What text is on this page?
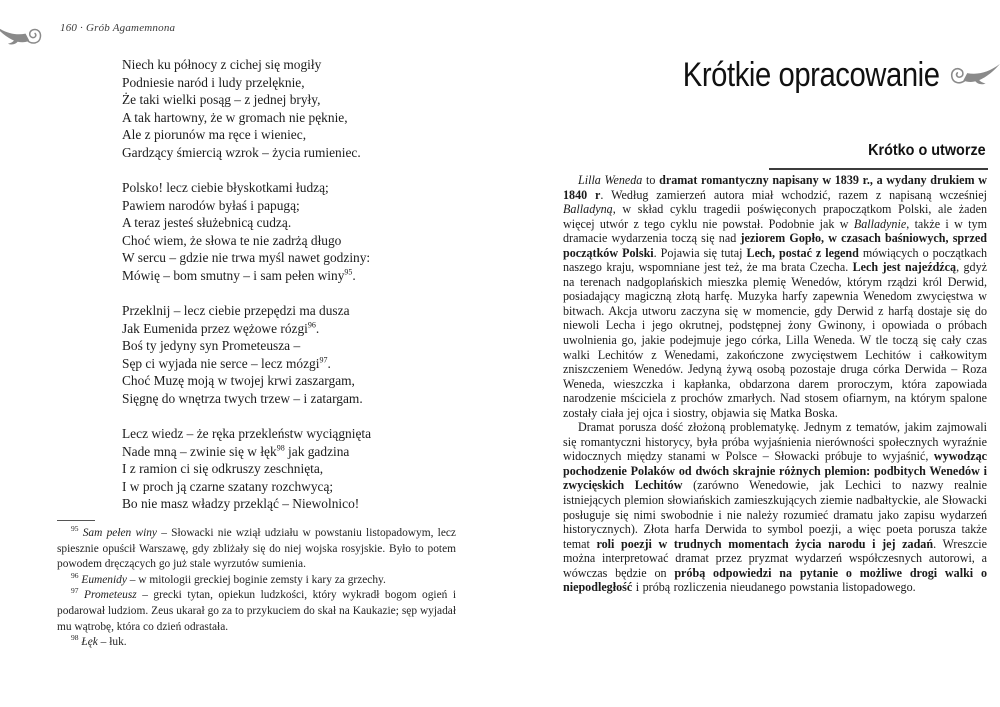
160 · Grób Agamemnona
Niech ku północy z cichej się mogiły
Podniesie naród i ludy przelęknie,
Że taki wielki posąg – z jednej bryły,
A tak hartowny, że w gromach nie pęknie,
Ale z piorunów ma ręce i wieniec,
Gardzący śmiercią wzrok – życia rumieniec.
Polsko! lecz ciebie błyskotkami łudzą;
Pawiem narodów byłaś i papugą;
A teraz jesteś służebnicą cudzą.
Choć wiem, że słowa te nie zadrżą długo
W sercu – gdzie nie trwa myśl nawet godziny:
Mówię – bom smutny – i sam pełen winy$^{95}$.
Przeklnij – lecz ciebie przepędzi ma dusza
Jak Eumenida przez wężowe rózgi$^{96}$.
Boś ty jedyny syn Prometeusza –
Sęp ci wyjada nie serce – lecz mózgi$^{97}$.
Choć Muzę moją w twojej krwi zaszargam,
Sięgnę do wnętrza twych trzew – i zatargam.
Lecz wiedz – że ręka przekleństw wyciągnięta
Nade mną – zwinie się w łęk$^{98}$ jak gadzina
I z ramion ci się odkruszy zeschnięta,
I w proch ją czarne szatany rozchwycą;
Bo nie masz władzy przekląć – Niewolnico!

$^{95}$ Sam pełen winy – Słowacki nie wziął udziału w powstaniu listopadowym, lecz spiesznie opuścił Warszawę, gdy zbliżały się do niej wojska rosyjskie. Było to potem powodem dręczących go już stale wyrzutów sumienia.

$^{96}$ Eumenidy – w mitologii greckiej boginie zemsty i kary za grzechy.

$^{97}$ Prometeusz – grecki tytan, opiekun ludzkości, który wykradł bogom ogień i podarował ludziom. Zeus ukarał go za to przykuciem do skał na Kaukazie; sęp wyjadał mu wątrobę, która co dzień odrastała.

$^{98}$ Łęk – łuk.

Krótkie opracowanie
Krótko o utworze

Lilla Weneda to dramat romantyczny napisany w 1839 r., a wydany drukiem w 1840 r. Według zamierzeń autora miał wchodzić, razem z napisaną wcześniej Balladyną, w skład cyklu tragedii poświęconych prapoczątkom Polski, ale żaden więcej utwór z tego cyklu nie powstał. Podobnie jak w Balladynie, także i w tym dramacie wydarzenia toczą się nad jeziorem Gopło, w czasach baśniowych, sprzed początków Polski. Pojawia się tutaj Lech, postać z legend mówiących o początkach naszego kraju, wspomniane jest też, że ma brata Czecha. Lech jest najeźdźcą, gdyż na terenach nadgoplańskich mieszka plemię Wenedów, którym rządzi król Derwid, posiadający magiczną złotą harfę. Muzyka harfy zapewnia Wenedom zwycięstwa w bitwach. Akcja utworu zaczyna się w momencie, gdy Derwid z harfą dostaje się do niewoli Lecha i jego okrutnej, podstępnej żony Gwinony, i opowiada o próbach uwolnienia go, jakie podejmuje jego córka, Lilla Weneda. W tle toczą się cały czas walki Lechitów z Wenedami, zakończone zwycięstwem Lechitów i całkowitym zniszczeniem Wenedów. Jedyną żywą osobą pozostaje druga córka Derwida – Roza Weneda, wieszczka i kapłanka, obdarzona darem proroczym, która zapowiada narodzenie mściciela z prochów zmarłych. Nad stosem ofiarnym, na którym spalone zostały ciała jej ojca i siostry, objawia się Matka Boska.

Dramat porusza dość złożoną problematykę. Jednym z tematów, jakim zajmowali się romantyczni historycy, była próba wyjaśnienia nierówności społecznych wyraźnie widocznych między stanami w Polsce – Słowacki próbuje to wyjaśnić, wywodząc pochodzenie Polaków od dwóch skrajnie różnych plemion: podbitych Wenedów i zwycięskich Lechitów (zarówno Wenedowie, jak Lechici to nazwy realnie istniejących plemion słowiańskich zamieszkujących ziemie nadbałtyckie, ale Słowacki posługuje się nimi swobodnie i nie należy rozumieć dramatu jako zapisu wydarzeń historycznych). Złota harfa Derwida to symbol poezji, a więc poeta porusza także temat roli poezji w trudnych momentach życia narodu i jej zadań. Wreszcie można interpretować dramat przez pryzmat wydarzeń współczesnych autorowi, a wówczas będzie on próbą odpowiedzi na pytanie o możliwe drogi walki o niepodległość i próbą rozliczenia nieudanego powstania listopadowego.
